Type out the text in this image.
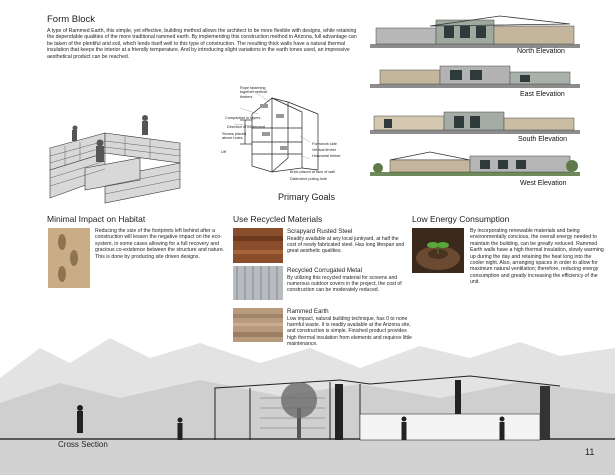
Form Block

A type of Rammed Earth, this simple, yet effective, building method allows the architect to be more flexible with designs, while retaining the dependable qualities of the more traditional rammed earth. By implementing this construction method in Arizona, full advantage can be taken of the plentiful arid soil, which lends itself well to this type of construction. The resulting thick walls have a natural thermal insulation that keeps the interior at a friendly temperature. And by introducing slight variations in the earth tones used, an impressive aesthetical product can be reached.

Rope fastening together vertical timbers
Compaction in layers
Direction of movement
Stones placed above holes
Lift
Formwork side
Vertical timber
Horizontal timber
Brick placed at face of wall
Distinctive putlog hole
North Elevation
East Elevation
South Elevation
West Elevation
Primary Goals
Minimal Impact on Habitat

Reducing the size of the footprints left behind after a construction will lessen the negative impact on the eco-system, in some cases allowing for a full recovery and gracious co-existence between the structure and nature. This is done by producing site driven designs.

Use Recycled Materials
Scrapyard Rusted Steel

Readily available at any local junkyard, at half the cost of newly fabricated steel. Has long lifespan and great aesthetic qualities.

Recycled Corrugated Metal

By utilizing this recycled material for screens and numerous outdoor covers in the project, the cost of construction can be moderately reduced.

Rammed Earth

Low impact, natural building technique, has 0 to none harmful waste. It is readily available at the Arizona site, and construction is simple. Finished product provides high thermal insulation from elements and requires little maintenance.

Low Energy Consumption

By incorporating renewable materials and being environmentally concious, the overall energy needed to maintain the building, can be greatly reduced. Rammed Earth walls have a high thermal insulation, slowly warming up during the day and retaining the heat long into the cooler night. Also, arranging spaces in order to allow for maximum natural ventilation; therefore, reducing energy consumption and greatly increasing the efficiency of the unit.

Cross Section
11
